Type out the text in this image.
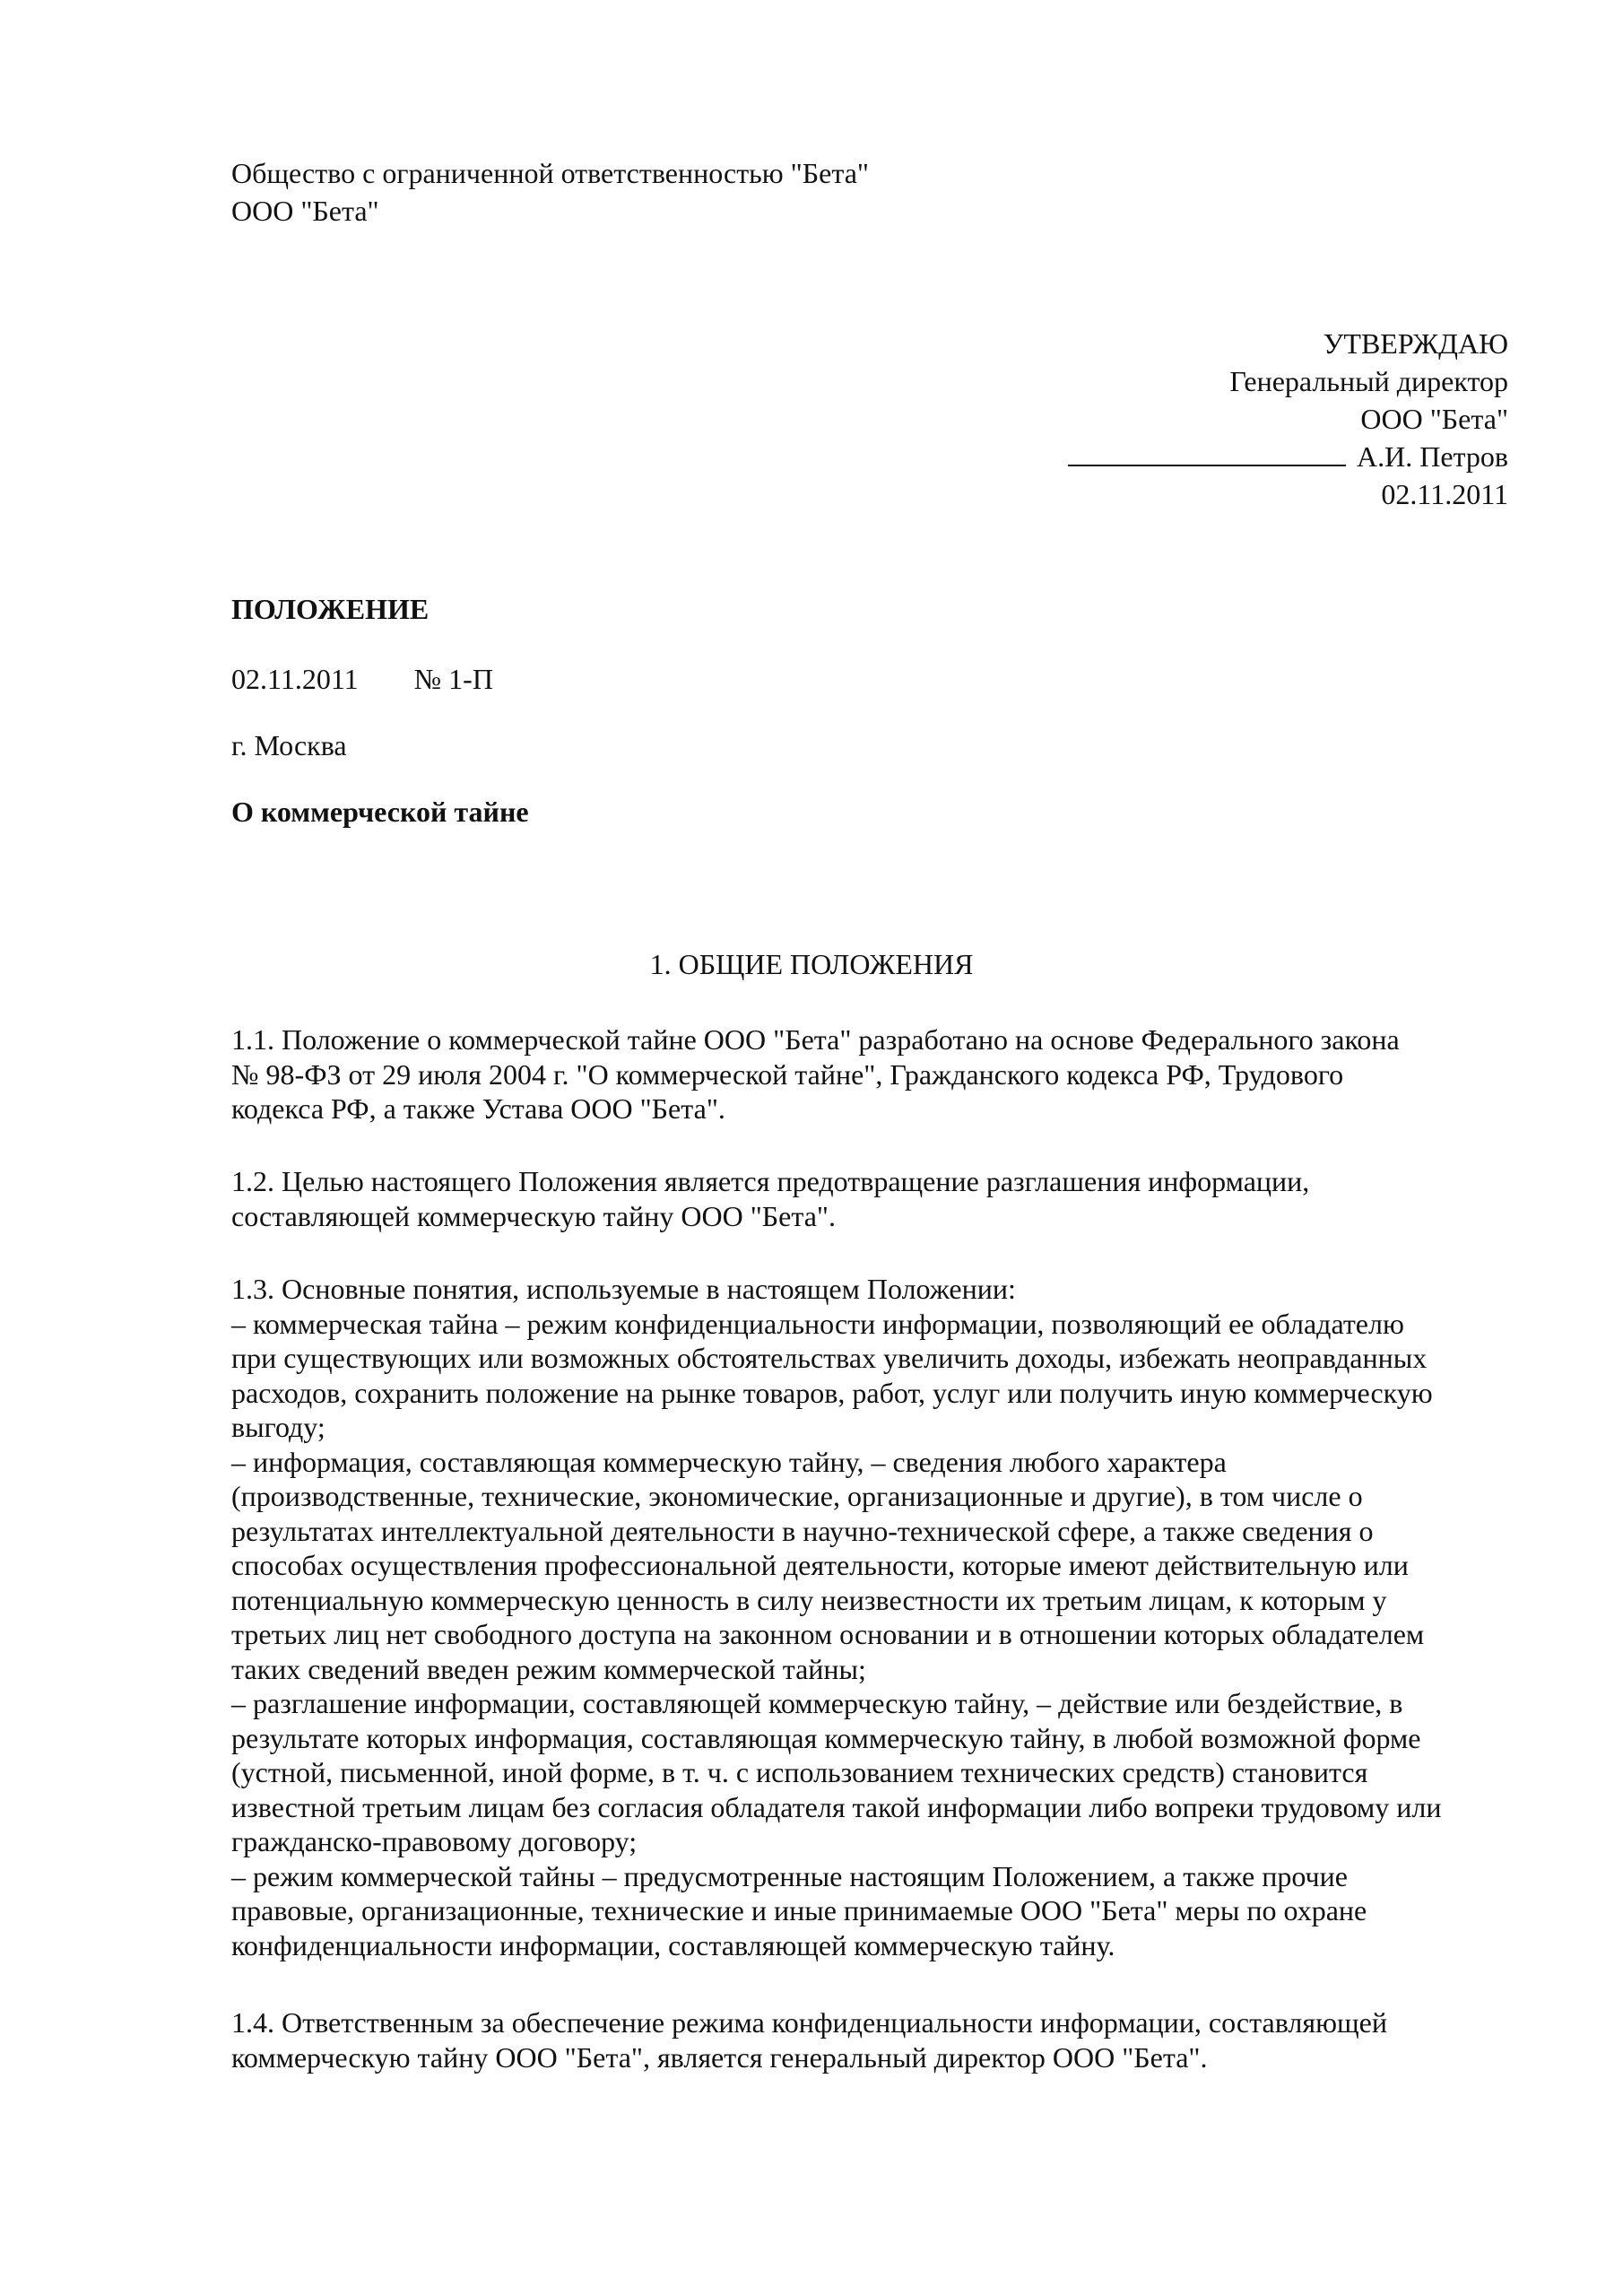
Общество с ограниченной ответственностью "Бета"
ООО "Бета"
УТВЕРЖДАЮ
Генеральный директор
ООО "Бета"
А.И. Петров
02.11.2011
ПОЛОЖЕНИЕ
02.11.2011 № 1-П
г. Москва
О коммерческой тайне
1. ОБЩИЕ ПОЛОЖЕНИЯ
1.1. Положение о коммерческой тайне ООО "Бета" разработано на основе Федерального закона
№ 98-ФЗ от 29 июля 2004 г. "О коммерческой тайне", Гражданского кодекса РФ, Трудового
кодекса РФ, а также Устава ООО "Бета".
1.2. Целью настоящего Положения является предотвращение разглашения информации,
составляющей коммерческую тайну ООО "Бета".
1.3. Основные понятия, используемые в настоящем Положении:
– коммерческая тайна – режим конфиденциальности информации, позволяющий ее обладателю
при существующих или возможных обстоятельствах увеличить доходы, избежать неоправданных
расходов, сохранить положение на рынке товаров, работ, услуг или получить иную коммерческую
выгоду;
– информация, составляющая коммерческую тайну, – сведения любого характера
(производственные, технические, экономические, организационные и другие), в том числе о
результатах интеллектуальной деятельности в научно-технической сфере, а также сведения о
способах осуществления профессиональной деятельности, которые имеют действительную или
потенциальную коммерческую ценность в силу неизвестности их третьим лицам, к которым у
третьих лиц нет свободного доступа на законном основании и в отношении которых обладателем
таких сведений введен режим коммерческой тайны;
– разглашение информации, составляющей коммерческую тайну, – действие или бездействие, в
результате которых информация, составляющая коммерческую тайну, в любой возможной форме
(устной, письменной, иной форме, в т. ч. с использованием технических средств) становится
известной третьим лицам без согласия обладателя такой информации либо вопреки трудовому или
гражданско-правовому договору;
– режим коммерческой тайны – предусмотренные настоящим Положением, а также прочие
правовые, организационные, технические и иные принимаемые ООО "Бета" меры по охране
конфиденциальности информации, составляющей коммерческую тайну.
1.4. Ответственным за обеспечение режима конфиденциальности информации, составляющей
коммерческую тайну ООО "Бета", является генеральный директор ООО "Бета".
